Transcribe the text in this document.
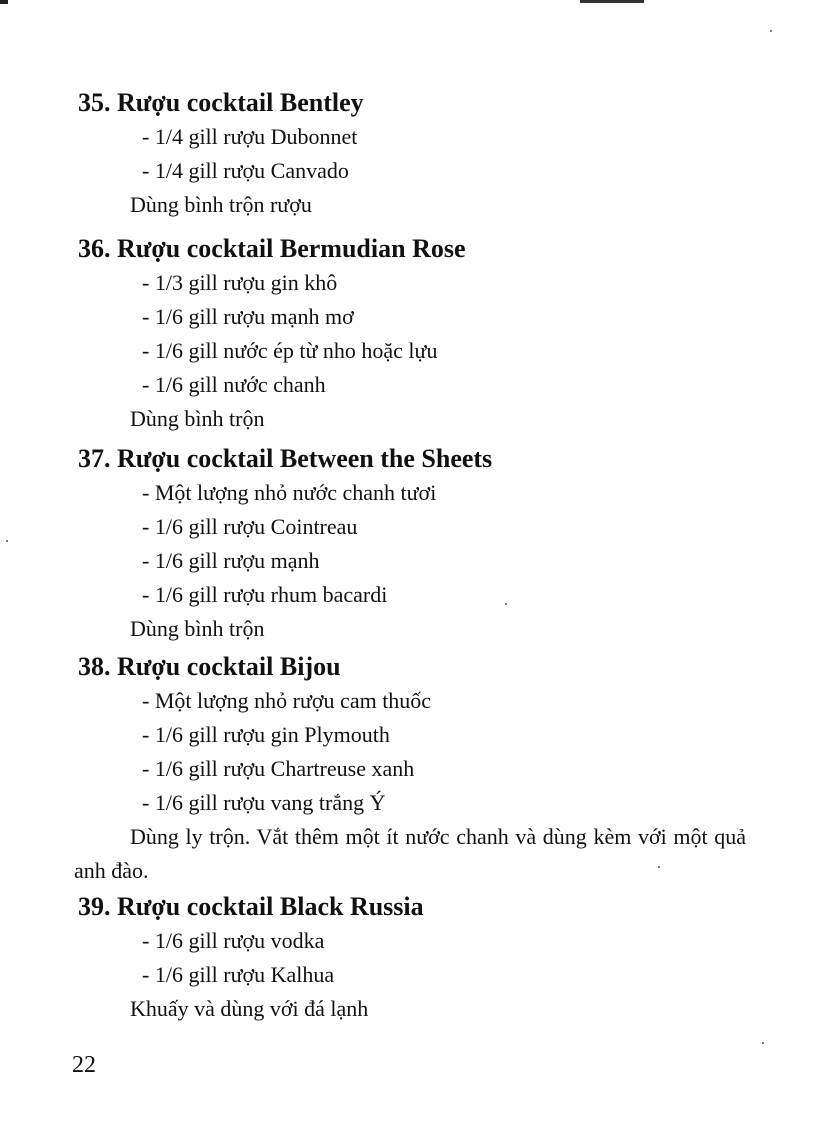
35. Rượu cocktail Bentley
- 1/4 gill rượu Dubonnet
- 1/4 gill rượu Canvado
Dùng bình trộn rượu
36. Rượu cocktail Bermudian Rose
- 1/3 gill rượu gin khô
- 1/6 gill rượu mạnh mơ
- 1/6 gill nước ép từ nho hoặc lựu
- 1/6 gill nước chanh
Dùng bình trộn
37. Rượu cocktail Between the Sheets
- Một lượng nhỏ nước chanh tươi
- 1/6 gill rượu Cointreau
- 1/6 gill rượu mạnh
- 1/6 gill rượu rhum bacardi
Dùng bình trộn
38. Rượu cocktail Bijou
- Một lượng nhỏ rượu cam thuốc
- 1/6 gill rượu gin Plymouth
- 1/6 gill rượu Chartreuse xanh
- 1/6 gill rượu vang trắng Ý
Dùng ly trộn. Vắt thêm một ít nước chanh và dùng kèm với một quả anh đào.
39. Rượu cocktail Black Russia
- 1/6 gill rượu vodka
- 1/6 gill rượu Kalhua
Khuấy và dùng với đá lạnh
22
